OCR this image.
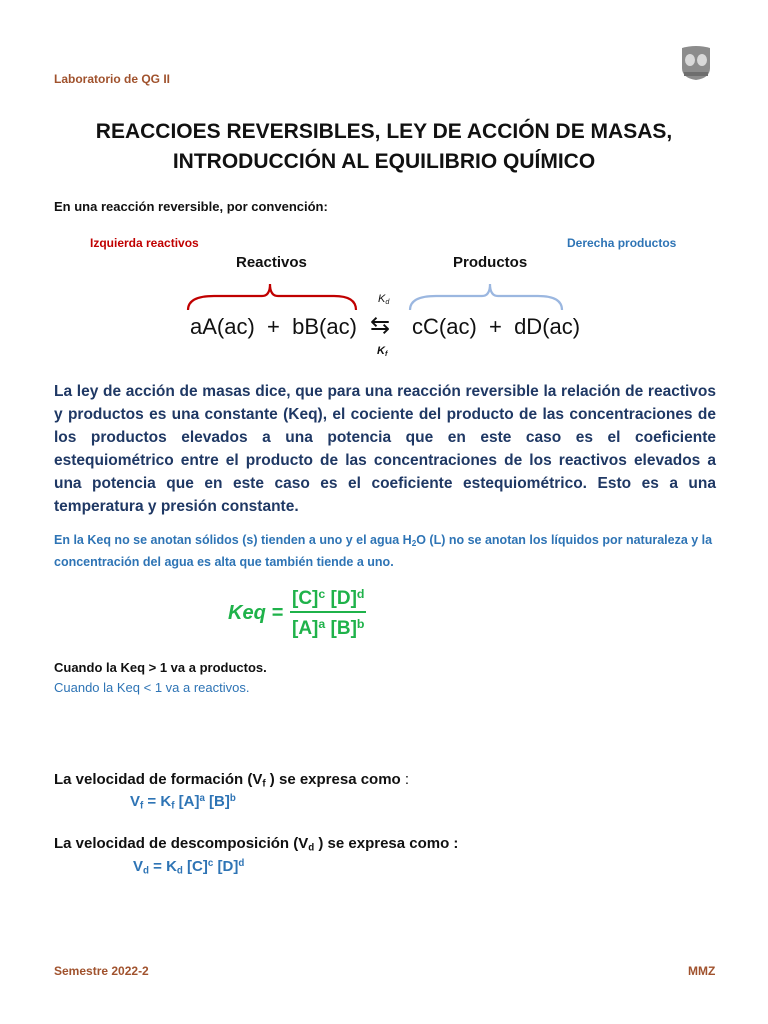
Laboratorio de QG II
REACCIOES REVERSIBLES, LEY DE ACCIÓN DE MASAS,
INTRODUCCIÓN AL EQUILIBRIO QUÍMICO
En una reacción reversible, por convención:
Izquierda reactivos	Derecha productos
Reactivos	Productos
$K_d$
aA(ac)  +  bB(ac) ⇆ cC(ac)  +  dD(ac)
$K_f$
La ley de acción de masas dice, que para una reacción reversible la relación de reactivos y productos es una constante (Keq), el cociente del producto de las concentraciones de los productos elevados a una potencia que en este caso es el coeficiente estequiométrico entre el producto de las concentraciones de los reactivos elevados a una potencia que en este caso es el coeficiente estequiométrico. Esto es a una temperatura y presión constante.
En la Keq no se anotan sólidos (s) tienden a uno y el agua $H_2O$ (L) no se anotan los líquidos por naturaleza y la concentración del agua es alta que también tiende a uno.
Keq =
$[C]^c$ $[D]^d$
$[A]^a$ $[B]^b$
Cuando la Keq > 1 va a productos.
Cuando la Keq < 1 va a reactivos.
La velocidad de formación ($V_f$ ) se expresa como :
$V_f = K_f$ $[A]^a$ $[B]^b$
La velocidad de descomposición ($V_d$ ) se expresa como :
$V_d = K_d$ $[C]^c$ $[D]^d$
Semestre 2022-2	MMZ
